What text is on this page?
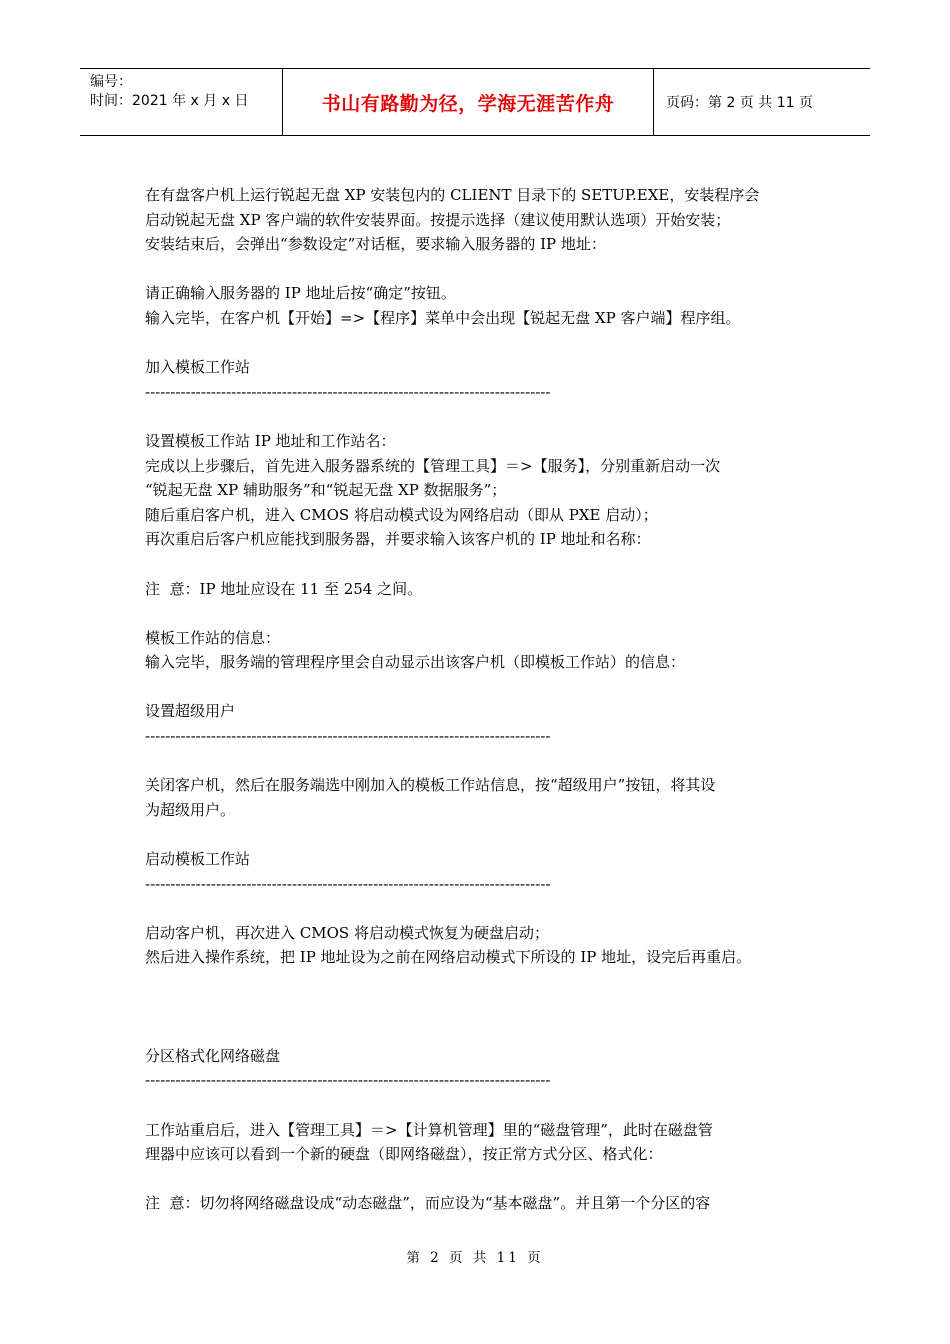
编号：
时间：2021 年 x 月 x 日	书山有路勤为径，学海无涯苦作舟	页码：第 2 页 共 11 页

在有盘客户机上运行锐起无盘 XP 安装包内的 CLIENT 目录下的 SETUP.EXE，安装程序会

启动锐起无盘 XP 客户端的软件安装界面。按提示选择（建议使用默认选项）开始安装；

安装结束后，会弹出“参数设定”对话框，要求输入服务器的 IP 地址：

请正确输入服务器的 IP 地址后按“确定”按钮。

输入完毕，在客户机【开始】=>【程序】菜单中会出现【锐起无盘 XP 客户端】程序组。

加入模板工作站

--------------------------------------------------------------------------------

设置模板工作站 IP 地址和工作站名：

完成以上步骤后，首先进入服务器系统的【管理工具】＝>【服务】，分别重新启动一次

“锐起无盘 XP 辅助服务”和“锐起无盘 XP 数据服务”；

随后重启客户机，进入 CMOS 将启动模式设为网络启动（即从 PXE 启动）；

再次重启后客户机应能找到服务器，并要求输入该客户机的 IP 地址和名称：

注  意：IP 地址应设在 11 至 254 之间。

模板工作站的信息：

输入完毕，服务端的管理程序里会自动显示出该客户机（即模板工作站）的信息：

设置超级用户

--------------------------------------------------------------------------------

关闭客户机，然后在服务端选中刚加入的模板工作站信息，按“超级用户”按钮，将其设

为超级用户。

启动模板工作站

--------------------------------------------------------------------------------

启动客户机，再次进入 CMOS 将启动模式恢复为硬盘启动；

然后进入操作系统，把 IP 地址设为之前在网络启动模式下所设的 IP 地址，设完后再重启。

分区格式化网络磁盘

--------------------------------------------------------------------------------

工作站重启后，进入【管理工具】＝>【计算机管理】里的“磁盘管理”，此时在磁盘管

理器中应该可以看到一个新的硬盘（即网络磁盘），按正常方式分区、格式化：

注  意：切勿将网络磁盘设成“动态磁盘”，而应设为“基本磁盘”。并且第一个分区的容

第 2 页 共 11 页
